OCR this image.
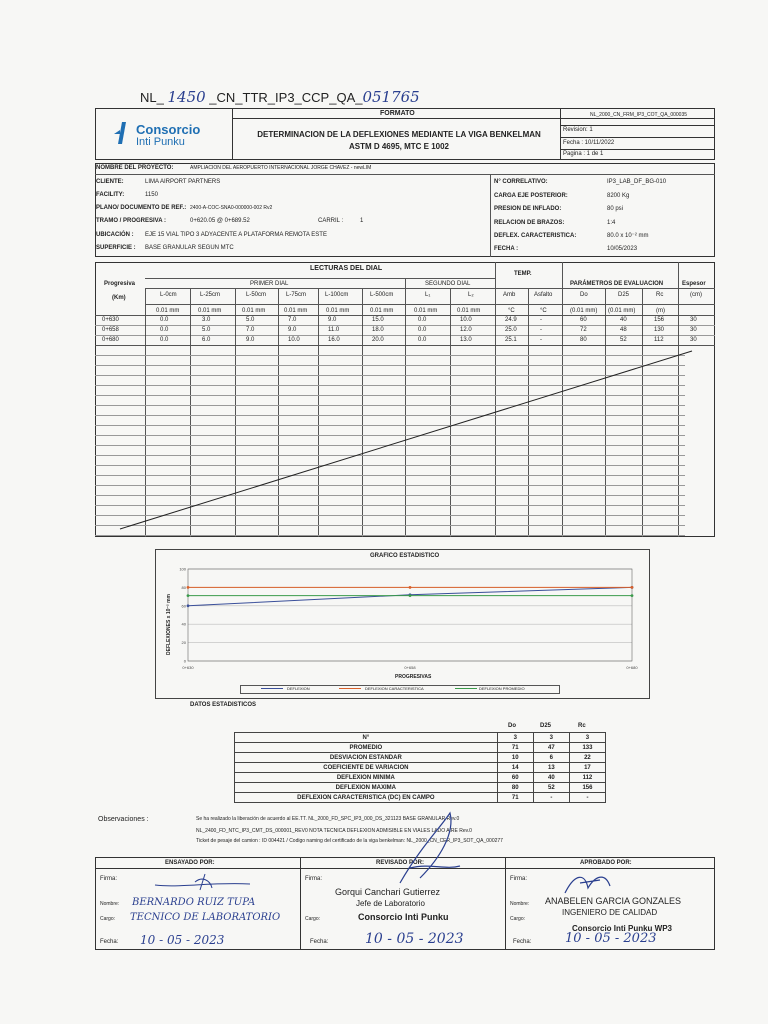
NL_ 1450 _CN_TTR_IP3_CCP_QA_051765
FORMATO
Consorcio
Inti Punku
DETERMINACION DE LA DEFLEXIONES MEDIANTE LA VIGA BENKELMAN
ASTM D 4695, MTC E 1002
NL_2000_CN_FRM_IP3_COT_QA_000035
Revision: 1
Fecha : 10/11/2022
Pagina : 1 de 1
NOMBRE DEL PROYECTO:	AMPLIACION DEL AEROPUERTO INTERNACIONAL JORGE CHAVEZ - newLIM
CLIENTE:	LIMA AIRPORT PARTNERS
FACILITY:	1150
PLANO/ DOCUMENTO DE REF.: 2400-A-COC-SNA0-000000-002 Rv2
TRAMO / PROGRESIVA :	0+620.05 @ 0+689.52
UBICACIÓN : EJE 15 VIAL TIPO 3 ADYACENTE A PLATAFORMA REMOTA ESTE
SUPERFICIE : BASE GRANULAR SEGUN MTC
CARRIL :	1
N° CORRELATIVO:	IP3_LAB_DF_BG-010
CARGA EJE POSTERIOR:	8200 Kg
PRESION DE INFLADO:	80 psi
RELACION DE BRAZOS:	1:4
DEFLEX. CARACTERISTICA:	80.0 x 10⁻² mm
FECHA :	10/05/2023
LECTURAS DEL DIAL
TEMP.
PARÁMETROS DE EVALUACION	Espesor
Progresiva
(Km)
PRIMER DIAL	SEGUNDO DIAL
L-0cm	L-25cm	L-50cm	L-75cm	L-100cm	L-500cm	L₁	L₂	Amb	Asfalto	Do	D25	Rc	(cm)
0.01 mm	0.01 mm	0.01 mm	0.01 mm	0.01 mm	0.01 mm	0.01 mm	0.01 mm	°C	°C	(0.01 mm) (0.01 mm)	(m)
0+630	0.0	3.0	5.0	7.0	9.0	15.0	0.0	10.0	24.9	-	60	40	156	30
0+658	0.0	5.0	7.0	9.0	11.0	18.0	0.0	12.0	25.0	-	72	48	130	30
0+680	0.0	6.0	9.0	10.0	16.0	20.0	0.0	13.0	25.1	-	80	52	112	30
GRAFICO ESTADISTICO
DEFLEXIONES x 10⁻² mm
PROGRESIVAS
0+630	0+658	0+680
0
20
40
60
80
100
DEFLEXION	DEFLEXION CARACTERISTICA	DEFLEXION PROMEDIO
DATOS ESTADISTICOS
Do	D25	Rc
N°	3	3	3
PROMEDIO	71	47	133
DESVIACION ESTANDAR	10	6	22
COEFICIENTE DE VARIACION	14	13	17
DEFLEXION MINIMA	60	40	112
DEFLEXION MAXIMA	80	52	156
DEFLEXION CARACTERISTICA (DC) EN CAMPO	71	-	-
Observaciones :	Se ha realizado la liberación de acuerdo al EE.TT. NL_2000_FD_SPC_IP3_000_DS_321123 BASE GRANULAR Rev.0
NL_2400_FD_NTC_IP3_CMT_DS_000001_REV0 NOTA TECNICA DEFLEXION ADMISIBLE EN VIALES LADO AIRE Rev.0
Ticket de pesaje del camion : ID 004421 / Codigo naming del certificado de la viga benkelman: NL_2000_CN_CER_IP3_SOT_QA_000277
ENSAYADO POR:	REVISADO POR:	APROBADO POR:
Firma:
Nombre: BERNARDO RUIZ TUPA
Cargo: TECNICO DE LABORATORIO
Fecha: 10 - 05 - 2023
Firma:
Gorqui Canchari Gutierrez
Jefe de Laboratorio
Cargo:	Consorcio Inti Punku
Fecha:	10 - 05 - 2023
Firma:
Nombre: ANABELEN GARCIA GONZALES
Cargo:
INGENIERO DE CALIDAD
Consorcio Inti Punku WP3
Fecha:	10 - 05 - 2023
